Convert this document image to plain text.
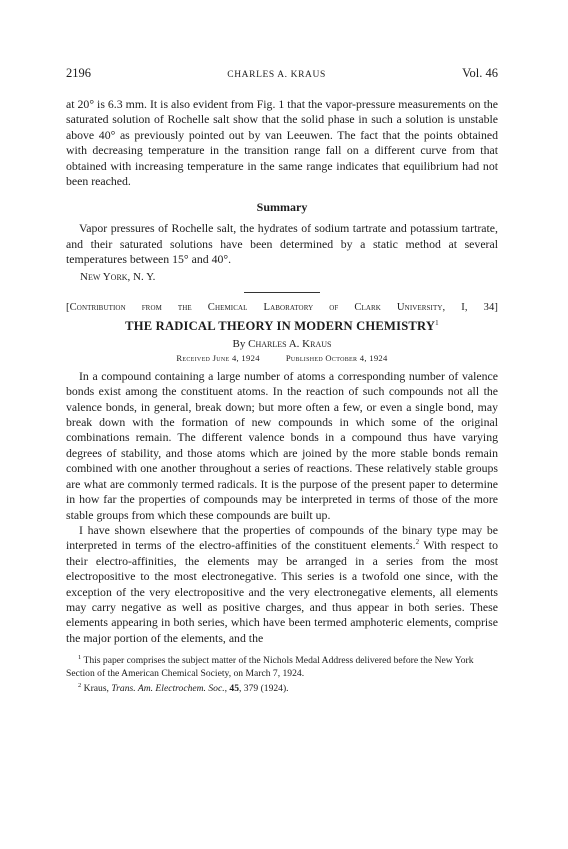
2196	CHARLES A. KRAUS	Vol. 46

at 20° is 6.3 mm. It is also evident from Fig. 1 that the vapor-pressure measurements on the saturated solution of Rochelle salt show that the solid phase in such a solution is unstable above 40° as previously pointed out by van Leeuwen. The fact that the points obtained with decreasing temperature in the transition range fall on a different curve from that obtained with increasing temperature in the same range indicates that equilibrium had not been reached.

Summary

Vapor pressures of Rochelle salt, the hydrates of sodium tartrate and potassium tartrate, and their saturated solutions have been determined by a static method at several temperatures between 15° and 40°.

New York, N. Y.

[Contribution from the Chemical Laboratory of Clark University, I, 34]

THE RADICAL THEORY IN MODERN CHEMISTRY$^1$
By Charles A. Kraus
Received June 4, 1924	Published October 4, 1924

In a compound containing a large number of atoms a corresponding number of valence bonds exist among the constituent atoms. In the reaction of such compounds not all the valence bonds, in general, break down; but more often a few, or even a single bond, may break down with the formation of new compounds in which some of the original combinations remain. The different valence bonds in a compound thus have varying degrees of stability, and those atoms which are joined by the more stable bonds remain combined with one another throughout a series of reactions. These relatively stable groups are what are commonly termed radicals. It is the purpose of the present paper to determine in how far the properties of compounds may be interpreted in terms of those of the more stable groups from which these compounds are built up.

I have shown elsewhere that the properties of compounds of the binary type may be interpreted in terms of the electro-affinities of the constituent elements.$^2$ With respect to their electro-affinities, the elements may be arranged in a series from the most electropositive to the most electronegative. This series is a twofold one since, with the exception of the very electropositive and the very electronegative elements, all elements may carry negative as well as positive charges, and thus appear in both series. These elements appearing in both series, which have been termed amphoteric elements, comprise the major portion of the elements, and the

$^1$ This paper comprises the subject matter of the Nichols Medal Address delivered before the New York Section of the American Chemical Society, on March 7, 1924.

$^2$ Kraus, Trans. Am. Electrochem. Soc., 45, 379 (1924).
